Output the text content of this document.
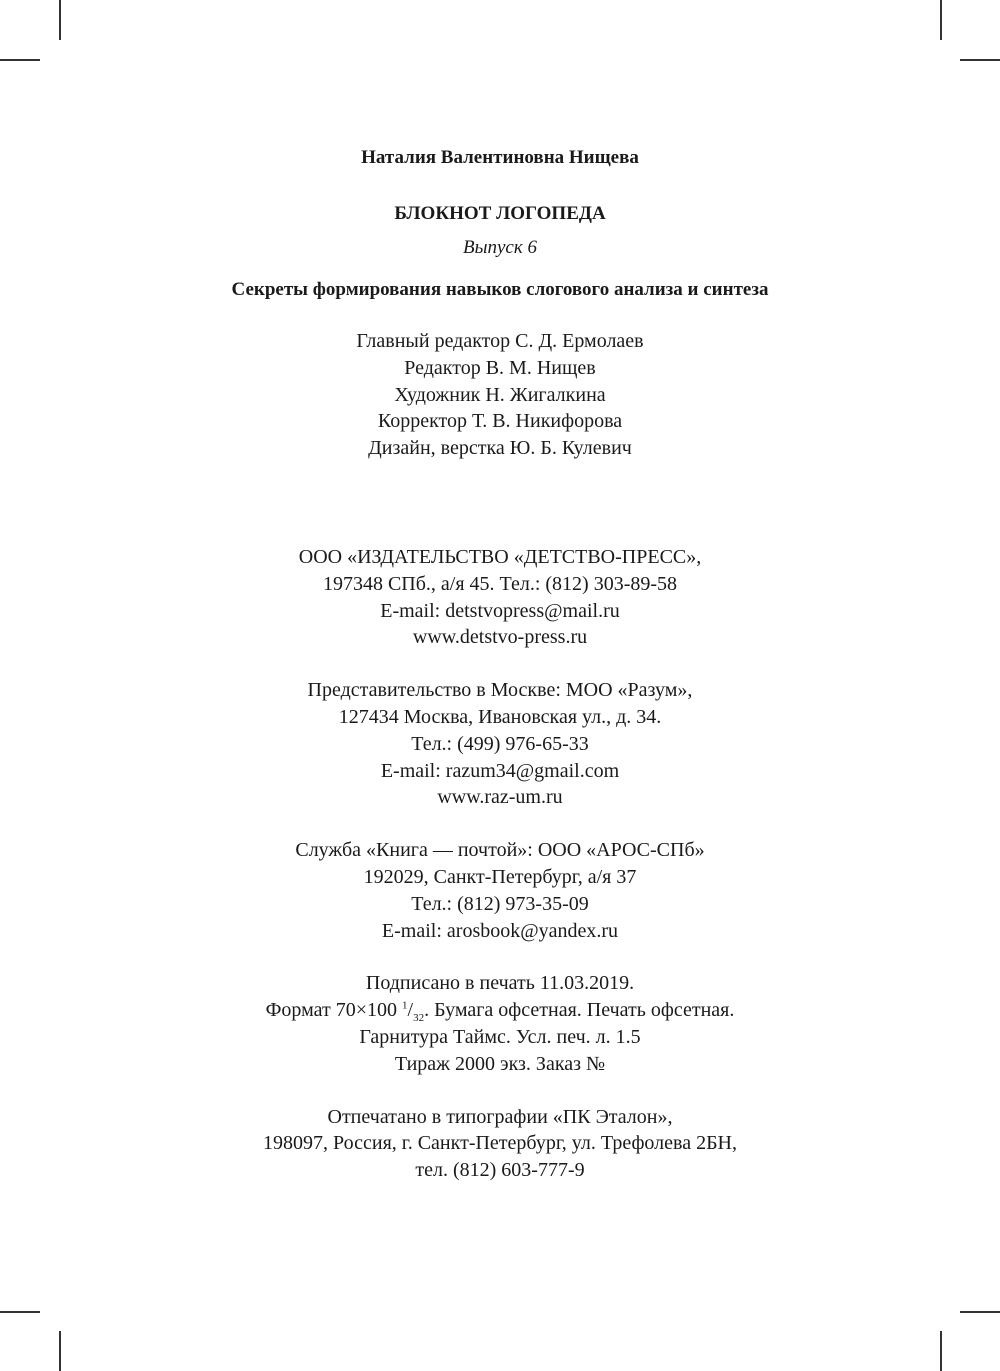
Наталия Валентиновна Нищева
БЛОКНОТ ЛОГОПЕДА
Выпуск 6
Секреты формирования навыков слогового анализа и синтеза
Главный редактор С. Д. Ермолаев
Редактор В. М. Нищев
Художник Н. Жигалкина
Корректор Т. В. Никифорова
Дизайн, верстка Ю. Б. Кулевич
ООО «ИЗДАТЕЛЬСТВО «ДЕТСТВО-ПРЕСС»,
197348 СПб., а/я 45. Тел.: (812) 303-89-58
E-mail: detstvopress@mail.ru
www.detstvo-press.ru
Представительство в Москве: МОО «Разум»,
127434 Москва, Ивановская ул., д. 34.
Тел.: (499) 976-65-33
E-mail: razum34@gmail.com
www.raz-um.ru
Служба «Книга — почтой»: ООО «АРОС-СПб»
192029, Санкт-Петербург, а/я 37
Тел.: (812) 973-35-09
E-mail: arosbook@yandex.ru
Подписано в печать 11.03.2019.
Формат 70×100 $^1/_{32}$. Бумага офсетная. Печать офсетная.
Гарнитура Таймс. Усл. печ. л. 1.5
Тираж 2000 экз. Заказ №
Отпечатано в типографии «ПК Эталон»,
198097, Россия, г. Санкт-Петербург, ул. Трефолева 2БН,
тел. (812) 603-777-9
